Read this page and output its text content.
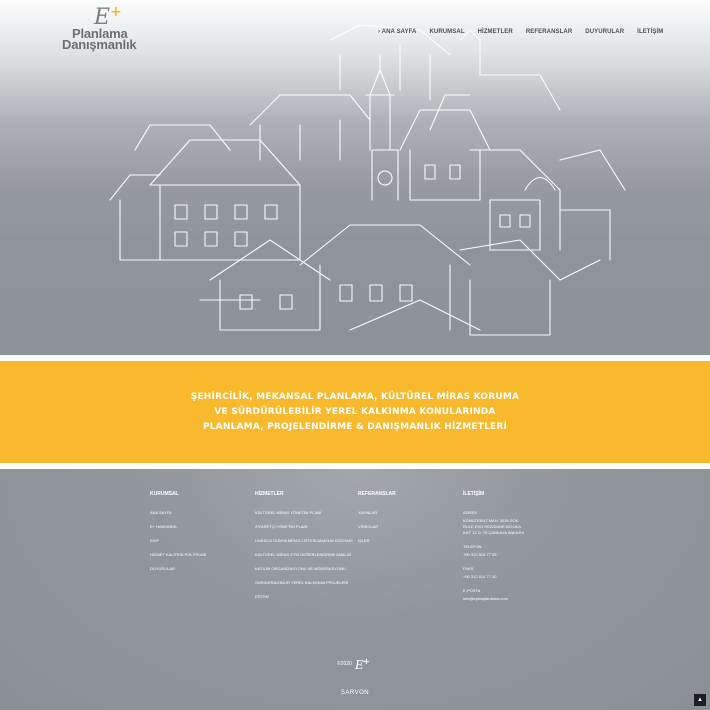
E +
Planlama
Danışmanlık
› ANA SAYFA KURUMSAL HİZMETLER REFERANSLAR DUYURULAR İLETİŞİM
ŞEHİRCİLİK, MEKANSAL PLANLAMA, KÜLTÜREL MİRAS KORUMA
VE SÜRDÜRÜLEBİLİR YEREL KALKINMA KONULARINDA
PLANLAMA, PROJELENDİRME & DANIŞMANLIK HİZMETLERİ
KURUMSAL
ANA SAYFA
E+ HAKKINDA
EKİP
HİZMET KALİTESİ POLİTİKASI
DUYURULAR
HİZMETLER
KÜLTÜREL MİRAS YÖNETİM PLANI
ZİYARETÇİ YÖNETİM PLANI
UNESCO DÜNYA MİRAS LİSTESİ ADAYLIK DOSYASI
KÜLTÜREL MİRAS ETKİ DEĞERLENDİRME ANALİZİ
KATILIM ORGANİZASYONU VE MODERASYONU
SÜRDÜRÜLEBİLİR YEREL KALKINMA PROJELERİ
EĞİTİM
REFERANSLAR
YAYINLAR
VİDEOLAR
İŞLER
İLETİŞİM
ADRES
KONUTKENT MAH. 3038 SOK.
RULE EVO REZİDANS NO:16/A
KAT: 12 D: 76 ÇANKAYA ANKARA
TELEFON
+90 312 514 77 33
FAKS
+90 312 514 77 20
E-POSTA
info@eplusplanlama.com
©2020 E +
SARVON
▲
